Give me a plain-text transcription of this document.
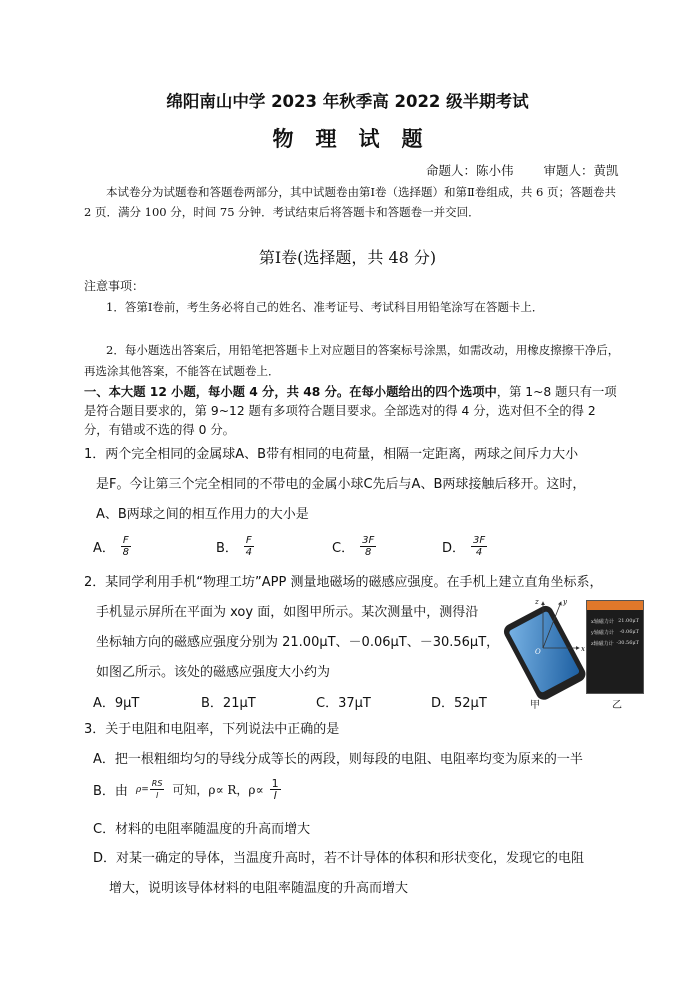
绵阳南山中学 2023 年秋季高 2022 级半期考试
物理试题
命题人：陈小伟 审题人：黄凯
本试卷分为试题卷和答题卷两部分，其中试题卷由第Ⅰ卷（选择题）和第Ⅱ卷组成，共 6 页；答题卷共 2 页．满分 100 分，时间 75 分钟．考试结束后将答题卡和答题卷一并交回．
第Ⅰ卷(选择题，共 48 分)
注意事项：
1．答第Ⅰ卷前，考生务必将自己的姓名、准考证号、考试科目用铅笔涂写在答题卡上．
2．每小题选出答案后，用铅笔把答题卡上对应题目的答案标号涂黑，如需改动，用橡皮擦擦干净后，再选涂其他答案，不能答在试题卷上．
一、本大题 12 小题，每小题 4 分，共 48 分。在每小题给出的四个选项中，第 1~8 题只有一项是符合题目要求的，第 9~12 题有多项符合题目要求。全部选对的得 4 分，选对但不全的得 2 分，有错或不选的得 0 分。
1．两个完全相同的金属球A、B带有相同的电荷量，相隔一定距离，两球之间斥力大小
是F。今让第三个完全相同的不带电的金属小球C先后与A、B两球接触后移开。这时，
A、B两球之间的相互作用力的大小是
A． $\frac{F}{8}$	B． $\frac{F}{4}$	C． $\frac{3F}{8}$	D． $\frac{3F}{4}$
2．某同学利用手机“物理工坊”APP 测量地磁场的磁感应强度。在手机上建立直角坐标系，
手机显示屏所在平面为 xoy 面，如图甲所示。某次测量中，测得沿
坐标轴方向的磁感应强度分别为 21.00μT、－0.06μT、－30.56μT，
如图乙所示。该处的磁感应强度大小约为
z	y
x
O
x轴磁力计 21.00μT
y轴磁力计 -0.06μT
z轴磁力计 -30.56μT
甲	乙
A．9μT	B．21μT	C．37μT	D．52μT
3．关于电阻和电阻率，下列说法中正确的是
A．把一根粗细均匀的导线分成等长的两段，则每段的电阻、电阻率均变为原来的一半
B．由 $\rho= \frac{RS}{l}$ 可知，ρ∝ R，$\rho\propto \frac{1}{l}$
C．材料的电阻率随温度的升高而增大
D．对某一确定的导体，当温度升高时，若不计导体的体积和形状变化，发现它的电阻
增大，说明该导体材料的电阻率随温度的升高而增大
